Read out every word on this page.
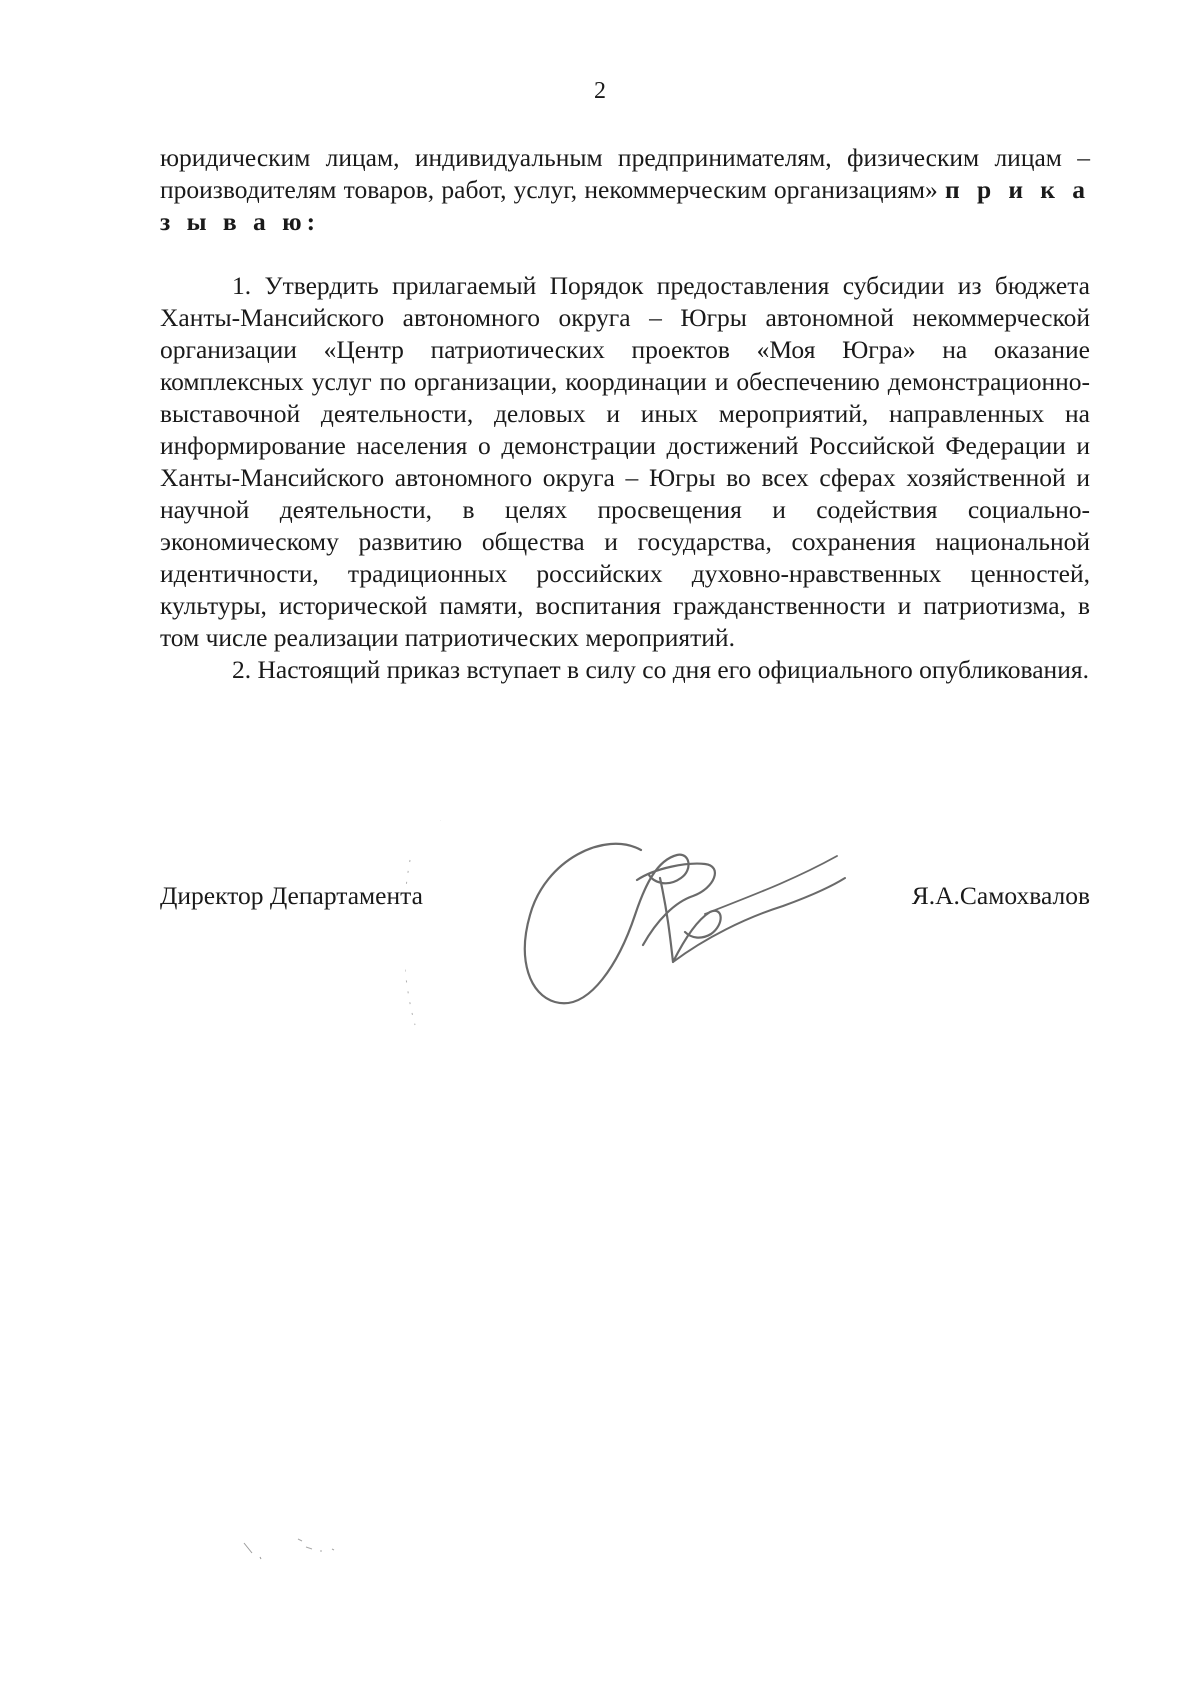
2

юридическим лицам, индивидуальным предпринимателям, физическим лицам – производителям товаров, работ, услуг, некоммерческим организациям» п р и к а з ы в а ю:

1. Утвердить прилагаемый Порядок предоставления субсидии из бюджета Ханты-Мансийского автономного округа – Югры автономной некоммерческой организации «Центр патриотических проектов «Моя Югра» на оказание комплексных услуг по организации, координации и обеспечению демонстрационно-выставочной деятельности, деловых и иных мероприятий, направленных на информирование населения о демонстрации достижений Российской Федерации и Ханты-Мансийского автономного округа – Югры во всех сферах хозяйственной и научной деятельности, в целях просвещения и содействия социально-экономическому развитию общества и государства, сохранения национальной идентичности, традиционных российских духовно-нравственных ценностей, культуры, исторической памяти, воспитания гражданственности и патриотизма, в том числе реализации патриотических мероприятий.

2. Настоящий приказ вступает в силу со дня его официального опубликования.

Директор Департамента	Я.А.Самохвалов
